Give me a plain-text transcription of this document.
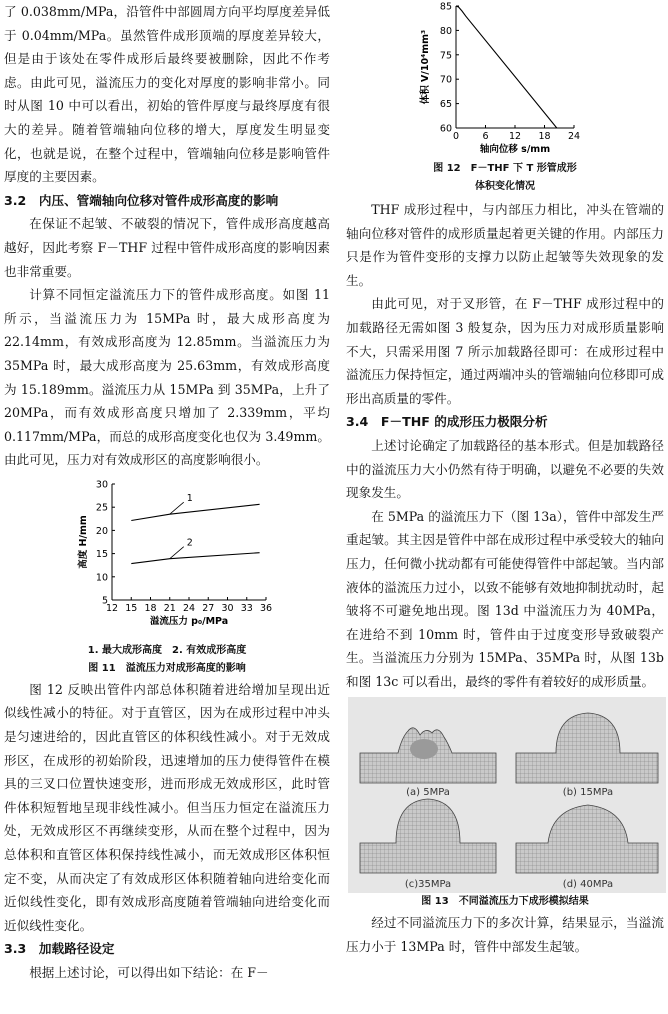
了 0.038mm/MPa，沿管件中部圆周方向平均厚度差异低于 0.04mm/MPa。虽然管件成形顶端的厚度差异较大，但是由于该处在零件成形后最终要被删除，因此不作考虑。由此可见，溢流压力的变化对厚度的影响非常小。同时从图 10 中可以看出，初始的管件厚度与最终厚度有很大的差异。随着管端轴向位移的增大，厚度发生明显变化，也就是说，在整个过程中，管端轴向位移是影响管件厚度的主要因素。

3.2　内压、管端轴向位移对管件成形高度的影响

在保证不起皱、不破裂的情况下，管件成形高度越高越好，因此考察 F－THF 过程中管件成形高度的影响因素也非常重要。

计算不同恒定溢流压力下的管件成形高度。如图 11 所示，当溢流压力为 15MPa 时，最大成形高度为 22.14mm，有效成形高度为 12.85mm。当溢流压力为 35MPa 时，最大成形高度为 25.63mm，有效成形高度为 15.189mm。溢流压力从 15MPa 到 35MPa，上升了 20MPa，而有效成形高度只增加了 2.339mm，平均 0.117mm/MPa，而总的成形高度变化也仅为 3.49mm。由此可见，压力对有效成形区的高度影响很小。

12 15 18 21 24 27 30 33 36
5
10
15
20
25
30
溢流压力 p₀/MPa
高度 H/mm
1
2
1. 最大成形高度　2. 有效成形高度
图 11　溢流压力对成形高度的影响

图 12 反映出管件内部总体积随着进给增加呈现出近似线性减小的特征。对于直管区，因为在成形过程中冲头是匀速进给的，因此直管区的体积线性减小。对于无效成形区，在成形的初始阶段，迅速增加的压力使得管件在模具的三叉口位置快速变形，进而形成无效成形区，此时管件体积短暂地呈现非线性减小。但当压力恒定在溢流压力处，无效成形区不再继续变形，从而在整个过程中，因为总体积和直管区体积保持线性减小，而无效成形区体积恒定不变，从而决定了有效成形区体积随着轴向进给变化而近似线性变化，即有效成形高度随着管端轴向进给变化而近似线性变化。

3.3　加载路径设定

根据上述讨论，可以得出如下结论：在 F－

0 6 12 18 24
60
65
70
75
80
85
轴向位移 s/mm
体积 V/10⁴mm³
图 12　F－THF 下 T 形管成形
体积变化情况

THF 成形过程中，与内部压力相比，冲头在管端的轴向位移对管件的成形质量起着更关键的作用。内部压力只是作为管件变形的支撑力以防止起皱等失效现象的发生。

由此可见，对于叉形管，在 F－THF 成形过程中的加载路径无需如图 3 般复杂，因为压力对成形质量影响不大，只需采用图 7 所示加载路径即可：在成形过程中溢流压力保持恒定，通过两端冲头的管端轴向位移即可成形出高质量的零件。

3.4　F－THF 的成形压力极限分析

上述讨论确定了加载路径的基本形式。但是加载路径中的溢流压力大小仍然有待于明确，以避免不必要的失效现象发生。

在 5MPa 的溢流压力下（图 13a），管件中部发生严重起皱。其主因是管件中部在成形过程中承受较大的轴向压力，任何微小扰动都有可能使得管件中部起皱。当内部液体的溢流压力过小，以致不能够有效地抑制扰动时，起皱将不可避免地出现。图 13d 中溢流压力为 40MPa，在进给不到 10mm 时，管件由于过度变形导致破裂产生。当溢流压力分别为 15MPa、35MPa 时，从图 13b 和图 13c 可以看出，最终的零件有着较好的成形质量。

(a) 5MPa	(b) 15MPa
(c)35MPa	(d) 40MPa
图 13　不同溢流压力下成形模拟结果

经过不同溢流压力下的多次计算，结果显示，当溢流压力小于 13MPa 时，管件中部发生起皱。
